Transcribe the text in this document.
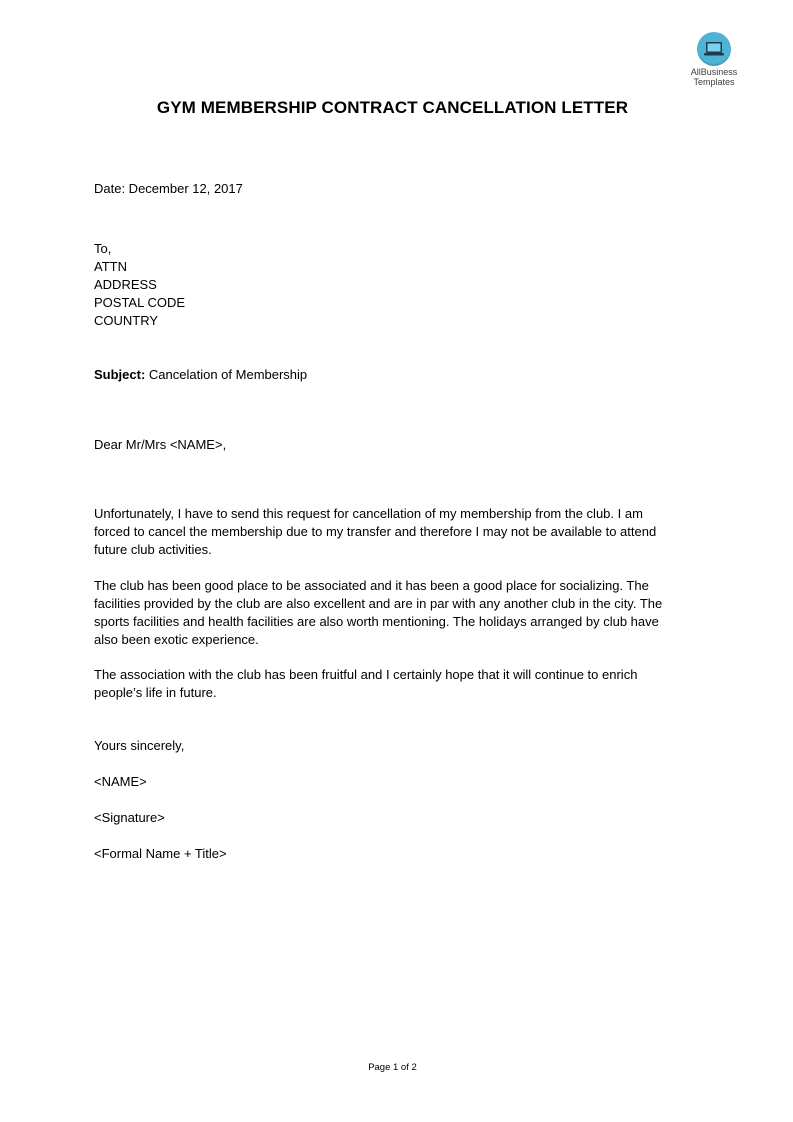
AllBusiness
Templates
GYM MEMBERSHIP CONTRACT CANCELLATION LETTER
Date: December 12, 2017
To,
ATTN
ADDRESS
POSTAL CODE
COUNTRY
Subject: Cancelation of Membership
Dear Mr/Mrs <NAME>,
Unfortunately, I have to send this request for cancellation of my membership from the club. I am
forced to cancel the membership due to my transfer and therefore I may not be available to attend
future club activities.
The club has been good place to be associated and it has been a good place for socializing. The
facilities provided by the club are also excellent and are in par with any another club in the city. The
sports facilities and health facilities are also worth mentioning. The holidays arranged by club have
also been exotic experience.
The association with the club has been fruitful and I certainly hope that it will continue to enrich
people’s life in future.
Yours sincerely,
<NAME>
<Signature>
<Formal Name + Title>
Page 1 of 2
